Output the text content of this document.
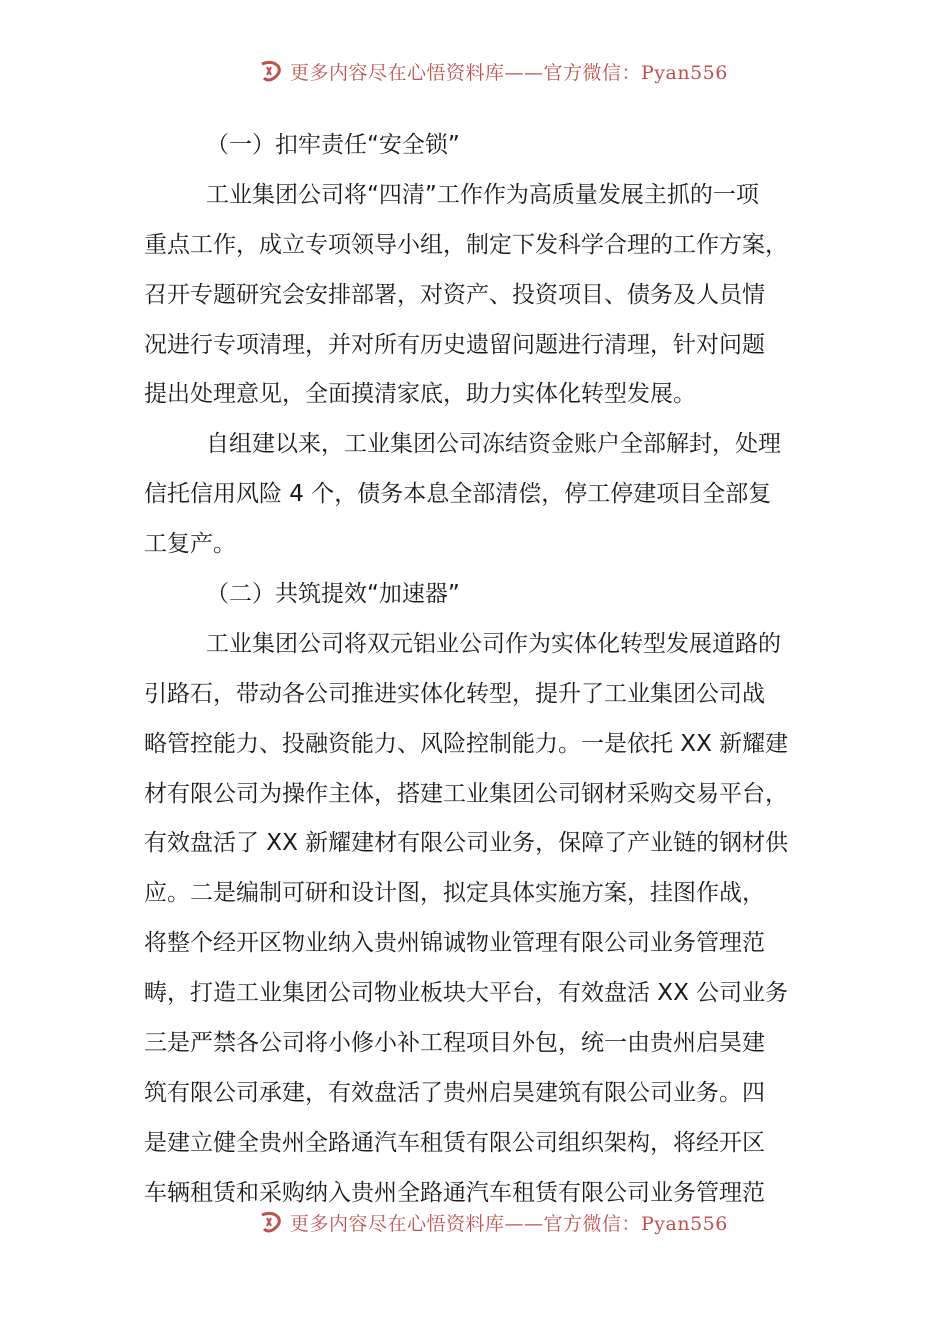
更多内容尽在心悟资料库——官方微信：Pyan556
（一）扣牢责任“安全锁”
工业集团公司将“四清”工作作为高质量发展主抓的一项
重点工作，成立专项领导小组，制定下发科学合理的工作方案，
召开专题研究会安排部署，对资产、投资项目、债务及人员情
况进行专项清理，并对所有历史遗留问题进行清理，针对问题
提出处理意见，全面摸清家底，助力实体化转型发展。
自组建以来，工业集团公司冻结资金账户全部解封，处理
信托信用风险 4 个，债务本息全部清偿，停工停建项目全部复
工复产。
（二）共筑提效“加速器”
工业集团公司将双元铝业公司作为实体化转型发展道路的
引路石，带动各公司推进实体化转型，提升了工业集团公司战
略管控能力、投融资能力、风险控制能力。一是依托 XX 新耀建
材有限公司为操作主体，搭建工业集团公司钢材采购交易平台，
有效盘活了 XX 新耀建材有限公司业务，保障了产业链的钢材供
应。二是编制可研和设计图，拟定具体实施方案，挂图作战，
将整个经开区物业纳入贵州锦诚物业管理有限公司业务管理范
畴，打造工业集团公司物业板块大平台，有效盘活 XX 公司业务
三是严禁各公司将小修小补工程项目外包，统一由贵州启昊建
筑有限公司承建，有效盘活了贵州启昊建筑有限公司业务。四
是建立健全贵州全路通汽车租赁有限公司组织架构，将经开区
车辆租赁和采购纳入贵州全路通汽车租赁有限公司业务管理范
更多内容尽在心悟资料库——官方微信：Pyan556
